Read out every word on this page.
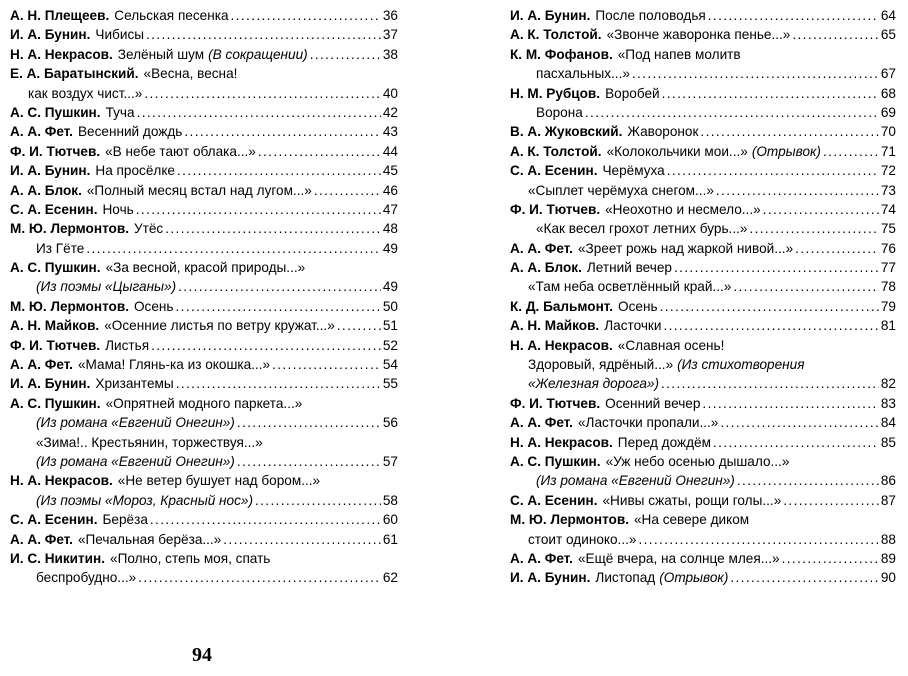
А. Н. Плещеев. Сельская песенка . . .	36
И. А. Бунин. Чибисы . . .	37
Н. А. Некрасов. Зелёный шум (В сокращении) . . .	38
Е. А. Баратынский. «Весна, весна!
как воздух чист...» . . .	40
А. С. Пушкин. Туча . . .	42
А. А. Фет. Весенний дождь . . .	43
Ф. И. Тютчев. «В небе тают облака...» . . .	44
И. А. Бунин. На просёлке . . .	45
А. А. Блок. «Полный месяц встал над лугом...» . . .	46
С. А. Есенин. Ночь . . .	47
М. Ю. Лермонтов. Утёс . . .	48
Из Гёте . . .	49
А. С. Пушкин. «За весной, красой природы...»
(Из поэмы «Цыганы») . . .	49
М. Ю. Лермонтов. Осень . . .	50
А. Н. Майков. «Осенние листья по ветру кружат...» . . .	51
Ф. И. Тютчев. Листья . . .	52
А. А. Фет. «Мама! Глянь-ка из окошка...» . . .	54
И. А. Бунин. Хризантемы . . .	55
А. С. Пушкин. «Опрятней модного паркета...»
(Из романа «Евгений Онегин») . . .	56
«Зима!.. Крестьянин, торжествуя...»
(Из романа «Евгений Онегин») . . .	57
Н. А. Некрасов. «Не ветер бушует над бором...»
(Из поэмы «Мороз, Красный нос») . . .	58
С. А. Есенин. Берёза . . .	60
А. А. Фет. «Печальная берёза...» . . .	61
И. С. Никитин. «Полно, степь моя, спать
беспробудно...» . . .	62
И. А. Бунин. После половодья . . .	64
А. К. Толстой. «Звонче жаворонка пенье...» . . .	65
К. М. Фофанов. «Под напев молитв
пасхальных...» . . .	67
Н. М. Рубцов. Воробей . . .	68
Ворона . . .	69
В. А. Жуковский. Жаворонок . . .	70
А. К. Толстой. «Колокольчики мои...» (Отрывок) . . .	71
С. А. Есенин. Черёмуха . . .	72
«Сыплет черёмуха снегом...» . . .	73
Ф. И. Тютчев. «Неохотно и несмело...» . . .	74
«Как весел грохот летних бурь...» . . .	75
А. А. Фет. «Зреет рожь над жаркой нивой...» . . .	76
А. А. Блок. Летний вечер . . .	77
«Там неба осветлённый край...» . . .	78
К. Д. Бальмонт. Осень . . .	79
А. Н. Майков. Ласточки . . .	81
Н. А. Некрасов. «Славная осень!
Здоровый, ядрёный...» (Из стихотворения
«Железная дорога») . . .	82
Ф. И. Тютчев. Осенний вечер . . .	83
А. А. Фет. «Ласточки пропали...» . . .	84
Н. А. Некрасов. Перед дождём . . .	85
А. С. Пушкин. «Уж небо осенью дышало...»
(Из романа «Евгений Онегин») . . .	86
С. А. Есенин. «Нивы сжаты, рощи голы...» . . .	87
М. Ю. Лермонтов. «На севере диком
стоит одиноко...» . . .	88
А. А. Фет. «Ещё вчера, на солнце млея...» . . .	89
И. А. Бунин. Листопад (Отрывок) . . .	90
94
